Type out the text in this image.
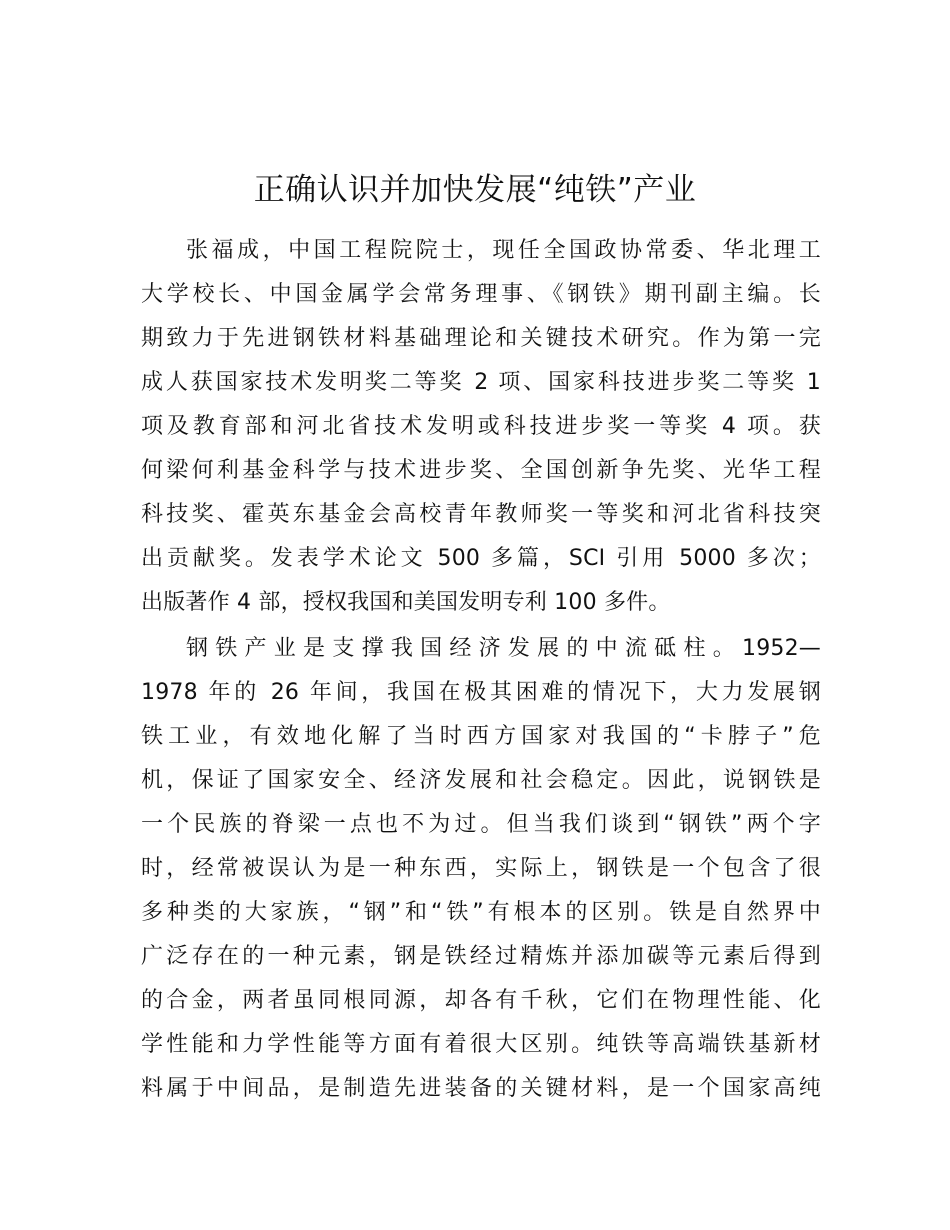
正确认识并加快发展“纯铁”产业
张福成，中国工程院院士，现任全国政协常委、华北理工
大学校长、中国金属学会常务理事、《钢铁》期刊副主编。长
期致力于先进钢铁材料基础理论和关键技术研究。作为第一完
成人获国家技术发明奖二等奖 2 项、国家科技进步奖二等奖 1
项及教育部和河北省技术发明或科技进步奖一等奖 4 项。获
何梁何利基金科学与技术进步奖、全国创新争先奖、光华工程
科技奖、霍英东基金会高校青年教师奖一等奖和河北省科技突
出贡献奖。发表学术论文 500 多篇，SCI 引用 5000 多次；
出版著作 4 部，授权我国和美国发明专利 100 多件。
钢铁产业是支撑我国经济发展的中流砥柱。1952—
1978 年的 26 年间，我国在极其困难的情况下，大力发展钢
铁工业，有效地化解了当时西方国家对我国的“卡脖子”危
机，保证了国家安全、经济发展和社会稳定。因此，说钢铁是
一个民族的脊梁一点也不为过。但当我们谈到“钢铁”两个字
时，经常被误认为是一种东西，实际上，钢铁是一个包含了很
多种类的大家族，“钢”和“铁”有根本的区别。铁是自然界中
广泛存在的一种元素，钢是铁经过精炼并添加碳等元素后得到
的合金，两者虽同根同源，却各有千秋，它们在物理性能、化
学性能和力学性能等方面有着很大区别。纯铁等高端铁基新材
料属于中间品，是制造先进装备的关键材料，是一个国家高纯
